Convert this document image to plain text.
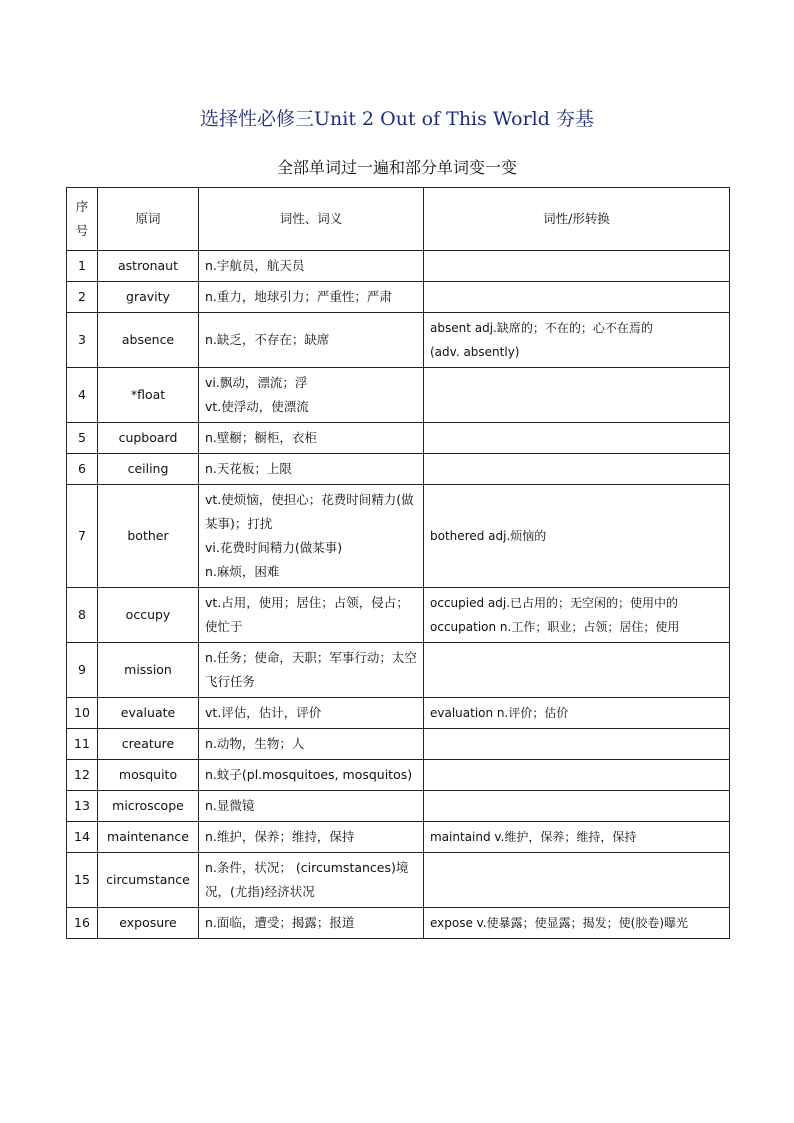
选择性必修三Unit 2 Out of This World 夯基
全部单词过一遍和部分单词变一变
序号	原词	词性、词义	词性/形转换
1	astronaut	n.宇航员，航天员	

2	gravity	n.重力，地球引力；严重性；严肃	

3	absence	n.缺乏，不存在；缺席	absent adj.缺席的；不在的；心不在焉的
(adv. absently)

4	*float	vi.飘动，漂流；浮
vt.使浮动，使漂流	

5	cupboard	n.壁橱；橱柜，衣柜	

6	ceiling	n.天花板；上限	

7	bother	vt.使烦恼，使担心；花费时间精力(做某事)；打扰
vi.花费时间精力(做某事)
n.麻烦，困难	bothered adj.烦恼的

8	occupy	vt.占用，使用；居住；占领，侵占；使忙于	occupied adj.已占用的；无空闲的；使用中的
occupation n.工作；职业；占领；居住；使用

9	mission	n.任务；使命，天职；军事行动；太空飞行任务	

10	evaluate	vt.评估，估计，评价	evaluation n.评价；估价

11	creature	n.动物，生物；人	

12	mosquito	n.蚊子(pl.mosquitoes, mosquitos)	

13	microscope	n.显微镜	

14	maintenance	n.维护，保养；维持，保持	maintaind v.维护，保养；维持，保持

15	circumstance	n.条件，状况； (circumstances)境况，(尤指)经济状况	

16	exposure	n.面临，遭受；揭露；报道	expose v.使暴露；使显露；揭发；使(胶卷)曝光
